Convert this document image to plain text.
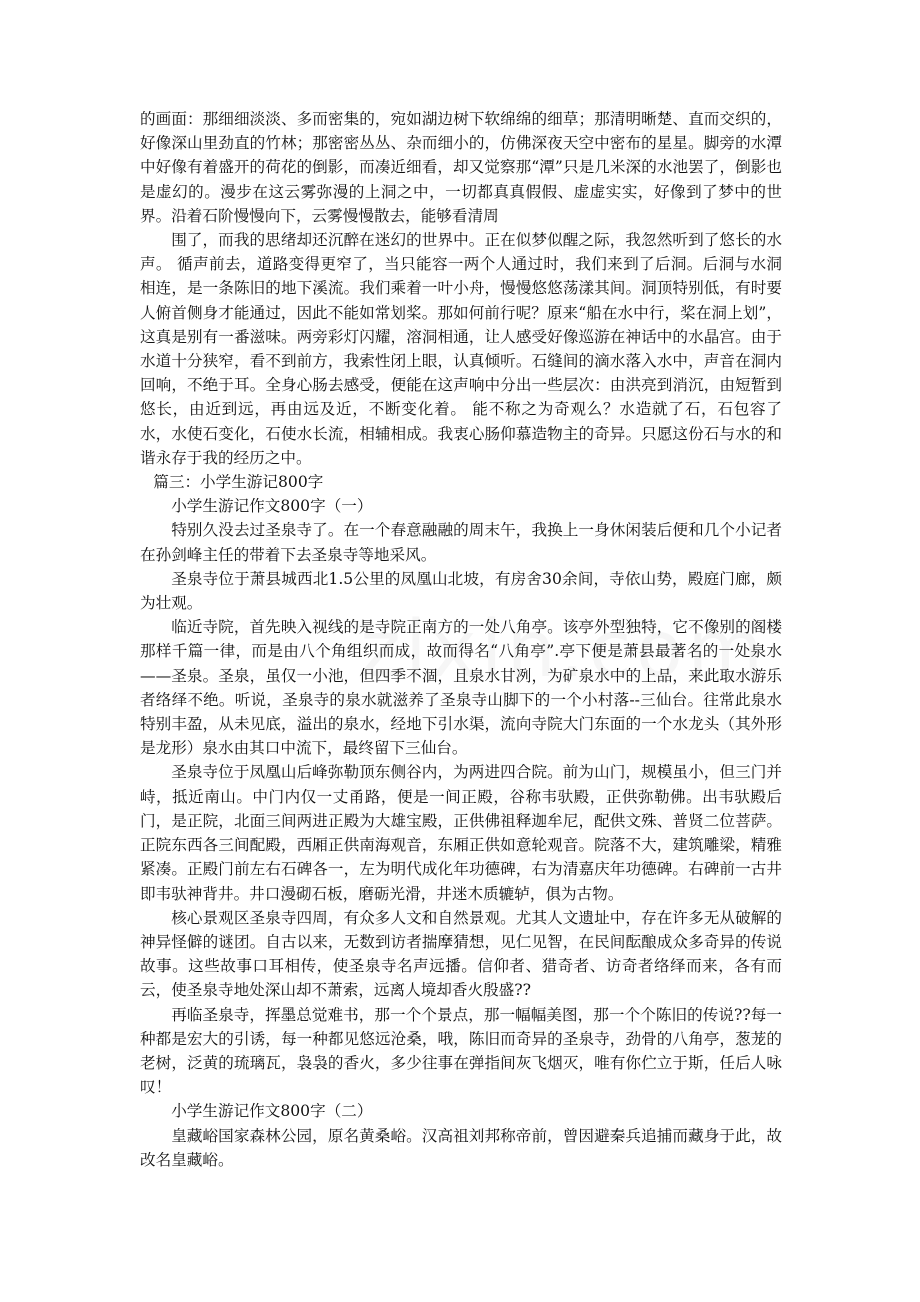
的画面：那细细淡淡、多而密集的，宛如湖边树下软绵绵的细草；那清明晰楚、直而交织的，好像深山里劲直的竹林；那密密丛丛、杂而细小的，仿佛深夜天空中密布的星星。脚旁的水潭中好像有着盛开的荷花的倒影，而凑近细看，却又觉察那“潭”只是几米深的水池罢了，倒影也是虚幻的。漫步在这云雾弥漫的上洞之中，一切都真真假假、虚虚实实，好像到了梦中的世界。沿着石阶慢慢向下，云雾慢慢散去，能够看清周

围了，而我的思绪却还沉醉在迷幻的世界中。正在似梦似醒之际，我忽然听到了悠长的水声。 循声前去，道路变得更窄了，当只能容一两个人通过时，我们来到了后洞。后洞与水洞相连，是一条陈旧的地下溪流。我们乘着一叶小舟，慢慢悠悠荡漾其间。洞顶特别低，有时要人俯首侧身才能通过，因此不能如常划桨。那如何前行呢？原来“船在水中行，桨在洞上划”，这真是别有一番滋味。两旁彩灯闪耀，溶洞相通，让人感受好像巡游在神话中的水晶宫。由于水道十分狭窄，看不到前方，我索性闭上眼，认真倾听。石缝间的滴水落入水中，声音在洞内回响，不绝于耳。全身心肠去感受，便能在这声响中分出一些层次：由洪亮到消沉，由短暂到悠长，由近到远，再由远及近，不断变化着。 能不称之为奇观么？水造就了石，石包容了水，水使石变化，石使水长流，相辅相成。我衷心肠仰慕造物主的奇异。只愿这份石与水的和谐永存于我的经历之中。

篇三：小学生游记800字

小学生游记作文800字（一）

特别久没去过圣泉寺了。在一个春意融融的周末午，我换上一身休闲装后便和几个小记者在孙剑峰主任的带着下去圣泉寺等地采风。

圣泉寺位于萧县城西北1.5公里的凤凰山北坡，有房舍30余间，寺依山势，殿庭门廊，颇为壮观。

临近寺院，首先映入视线的是寺院正南方的一处八角亭。该亭外型独特，它不像别的阁楼那样千篇一律，而是由八个角组织而成，故而得名“八角亭”.亭下便是萧县最著名的一处泉水——圣泉。圣泉，虽仅一小池，但四季不涸，且泉水甘冽，为矿泉水中的上品，来此取水游乐者络绎不绝。听说，圣泉寺的泉水就滋养了圣泉寺山脚下的一个小村落--三仙台。往常此泉水特别丰盈，从未见底，溢出的泉水，经地下引水渠，流向寺院大门东面的一个水龙头（其外形是龙形）泉水由其口中流下，最终留下三仙台。

圣泉寺位于凤凰山后峰弥勒顶东侧谷内，为两进四合院。前为山门，规模虽小，但三门并峙，抵近南山。中门内仅一丈甬路，便是一间正殿，谷称韦驮殿，正供弥勒佛。出韦驮殿后门，是正院，北面三间两进正殿为大雄宝殿，正供佛祖释迦牟尼，配供文殊、普贤二位菩萨。正院东西各三间配殿，西厢正供南海观音，东厢正供如意轮观音。院落不大，建筑雕梁，精雅紧凑。正殿门前左右石碑各一，左为明代成化年功德碑，右为清嘉庆年功德碑。右碑前一古井即韦驮神背井。井口漫砌石板，磨砺光滑，井迷木质辘轳，俱为古物。

核心景观区圣泉寺四周，有众多人文和自然景观。尤其人文遗址中，存在许多无从破解的神异怪僻的谜团。自古以来，无数到访者揣摩猜想，见仁见智，在民间酝酿成众多奇异的传说故事。这些故事口耳相传，使圣泉寺名声远播。信仰者、猎奇者、访奇者络绎而来，各有而云，使圣泉寺地处深山却不萧索，远离人境却香火殷盛??

再临圣泉寺，挥墨总觉难书，那一个个景点，那一幅幅美图，那一个个陈旧的传说??每一种都是宏大的引诱，每一种都见悠远沧桑，哦，陈旧而奇异的圣泉寺，劲骨的八角亭，葱茏的老树，泛黄的琉璃瓦，袅袅的香火，多少往事在弹指间灰飞烟灭，唯有你伫立于斯，任后人咏叹！

小学生游记作文800字（二）

皇藏峪国家森林公园，原名黄桑峪。汉高祖刘邦称帝前，曾因避秦兵追捕而藏身于此，故改名皇藏峪。
